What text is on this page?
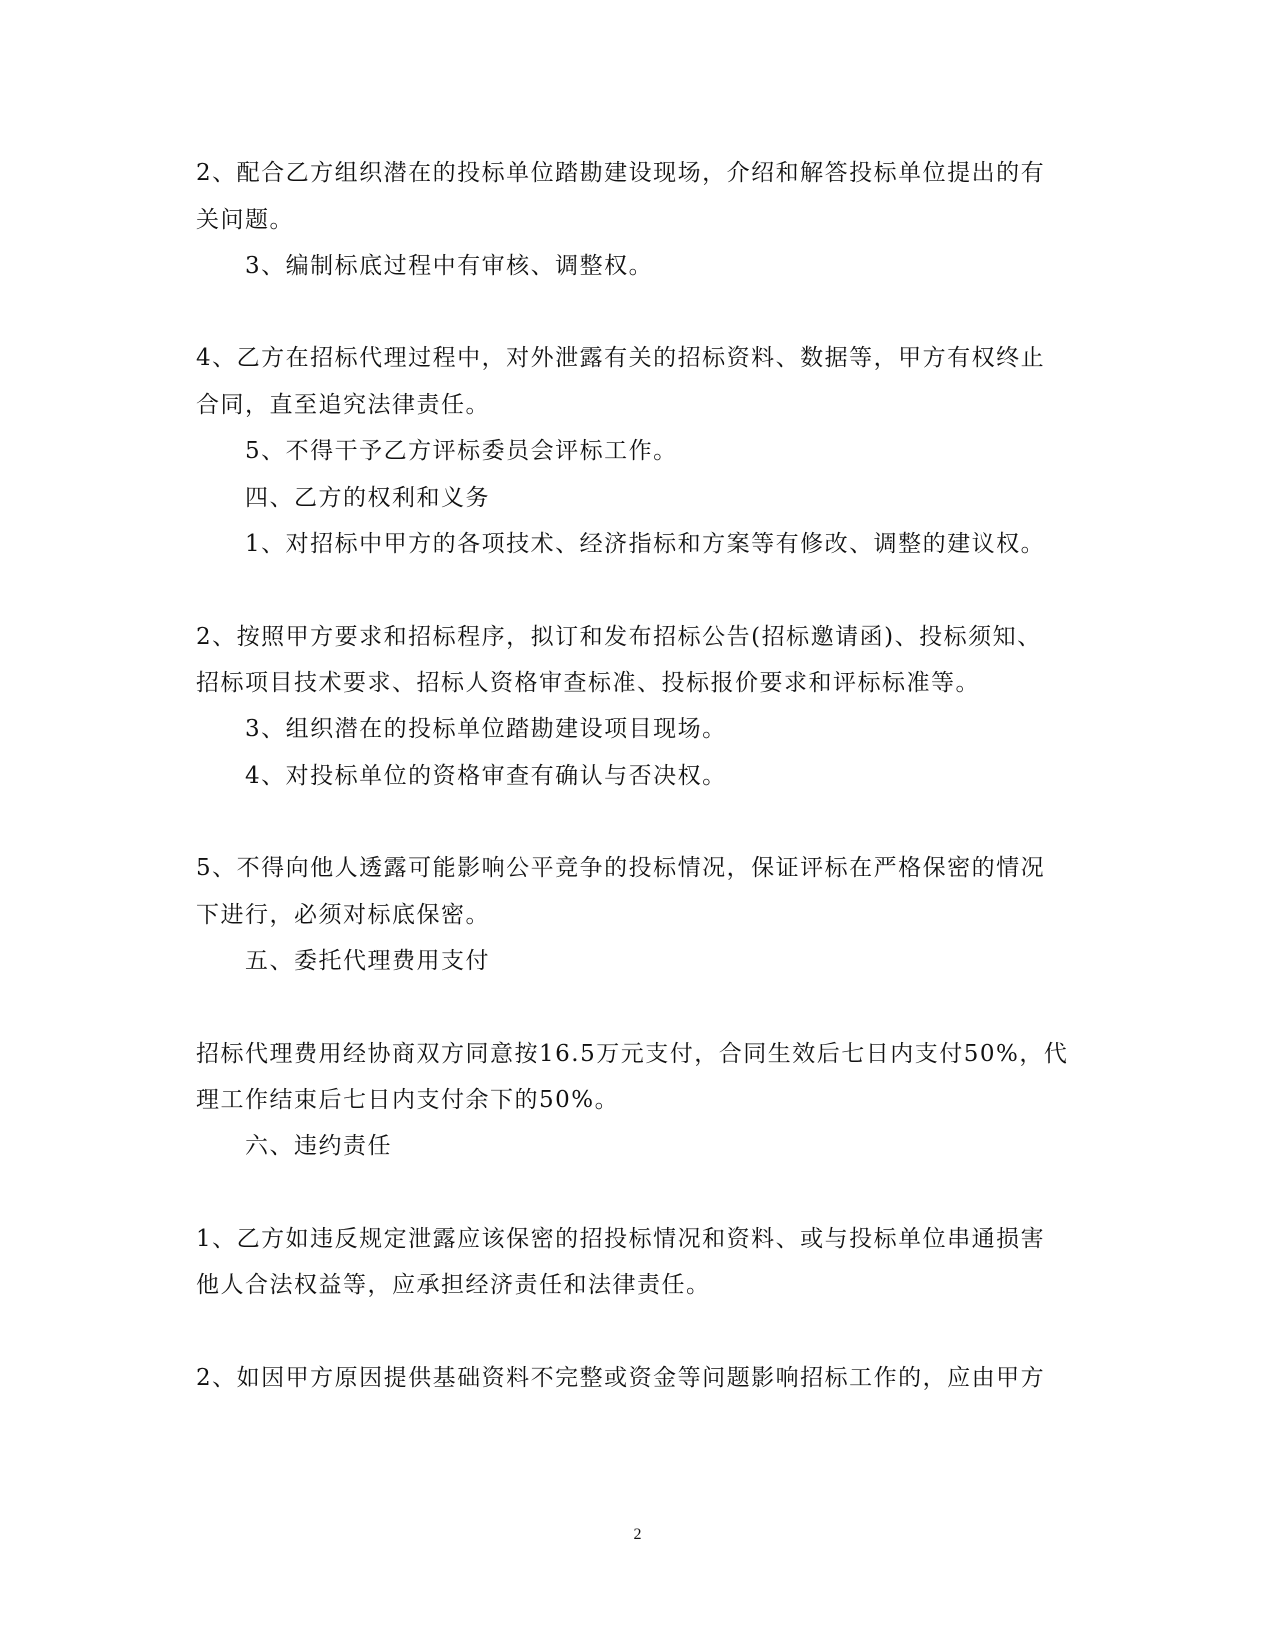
2、配合乙方组织潜在的投标单位踏勘建设现场，介绍和解答投标单位提出的有
关问题。
3、编制标底过程中有审核、调整权。
4、乙方在招标代理过程中，对外泄露有关的招标资料、数据等，甲方有权终止
合同，直至追究法律责任。
5、不得干予乙方评标委员会评标工作。
四、乙方的权利和义务
1、对招标中甲方的各项技术、经济指标和方案等有修改、调整的建议权。
2、按照甲方要求和招标程序，拟订和发布招标公告(招标邀请函)、投标须知、
招标项目技术要求、招标人资格审查标准、投标报价要求和评标标准等。
3、组织潜在的投标单位踏勘建设项目现场。
4、对投标单位的资格审查有确认与否决权。
5、不得向他人透露可能影响公平竞争的投标情况，保证评标在严格保密的情况
下进行，必须对标底保密。
五、委托代理费用支付
招标代理费用经协商双方同意按16.5万元支付，合同生效后七日内支付50%，代
理工作结束后七日内支付余下的50%。
六、违约责任
1、乙方如违反规定泄露应该保密的招投标情况和资料、或与投标单位串通损害
他人合法权益等，应承担经济责任和法律责任。
2、如因甲方原因提供基础资料不完整或资金等问题影响招标工作的，应由甲方
2
